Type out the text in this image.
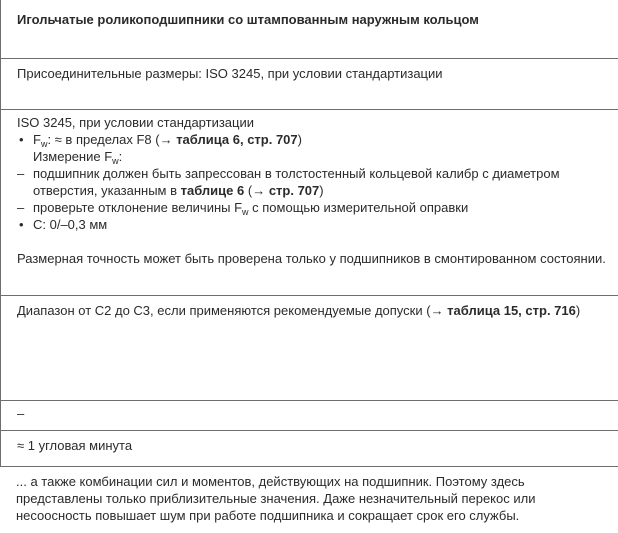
Игольчатые роликоподшипники со штампованным наружным кольцом
Присоединительные размеры: ISO 3245, при условии стандартизации
ISO 3245, при условии стандартизации
• $F_w$: ≈ в пределах F8 (→ таблица 6, стр. 707)
Измерение $F_w$:
– подшипник должен быть запрессован в толстостенный кольцевой калибр с диаметром отверстия, указанным в таблице 6 (→ стр. 707)
– проверьте отклонение величины $F_w$ с помощью измерительной оправки
• C: 0/–0,3 мм
Размерная точность может быть проверена только у подшипников в смонтированном состоянии.
Диапазон от C2 до C3, если применяются рекомендуемые допуски (→ таблица 15, стр. 716)
–
≈ 1 угловая минута
... а также комбинации сил и моментов, действующих на подшипник. Поэтому здесь представлены только приблизительные значения. Даже незначительный перекос или несоосность повышает шум при работе подшипника и сокращает срок его службы.
